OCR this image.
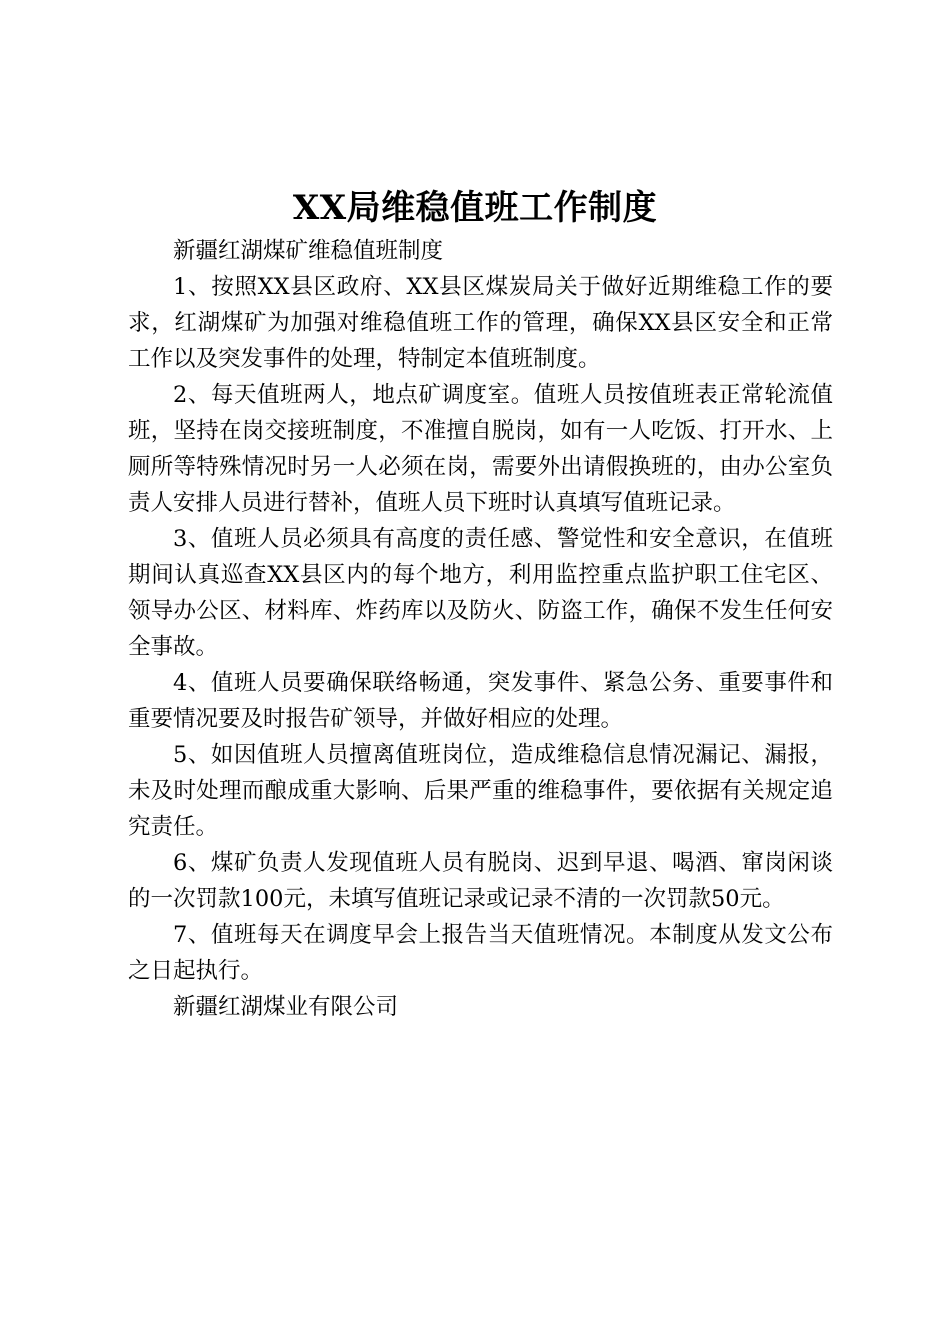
XX局维稳值班工作制度

新疆红湖煤矿维稳值班制度

1、按照XX县区政府、XX县区煤炭局关于做好近期维稳工作的要求，红湖煤矿为加强对维稳值班工作的管理，确保XX县区安全和正常工作以及突发事件的处理，特制定本值班制度。

2、每天值班两人，地点矿调度室。值班人员按值班表正常轮流值班，坚持在岗交接班制度，不准擅自脱岗，如有一人吃饭、打开水、上厕所等特殊情况时另一人必须在岗，需要外出请假换班的，由办公室负责人安排人员进行替补，值班人员下班时认真填写值班记录。

3、值班人员必须具有高度的责任感、警觉性和安全意识，在值班期间认真巡查XX县区内的每个地方，利用监控重点监护职工住宅区、领导办公区、材料库、炸药库以及防火、防盗工作，确保不发生任何安全事故。

4、值班人员要确保联络畅通，突发事件、紧急公务、重要事件和重要情况要及时报告矿领导，并做好相应的处理。

5、如因值班人员擅离值班岗位，造成维稳信息情况漏记、漏报，未及时处理而酿成重大影响、后果严重的维稳事件，要依据有关规定追究责任。

6、煤矿负责人发现值班人员有脱岗、迟到早退、喝酒、窜岗闲谈的一次罚款100元，未填写值班记录或记录不清的一次罚款50元。

7、值班每天在调度早会上报告当天值班情况。本制度从发文公布之日起执行。

新疆红湖煤业有限公司
